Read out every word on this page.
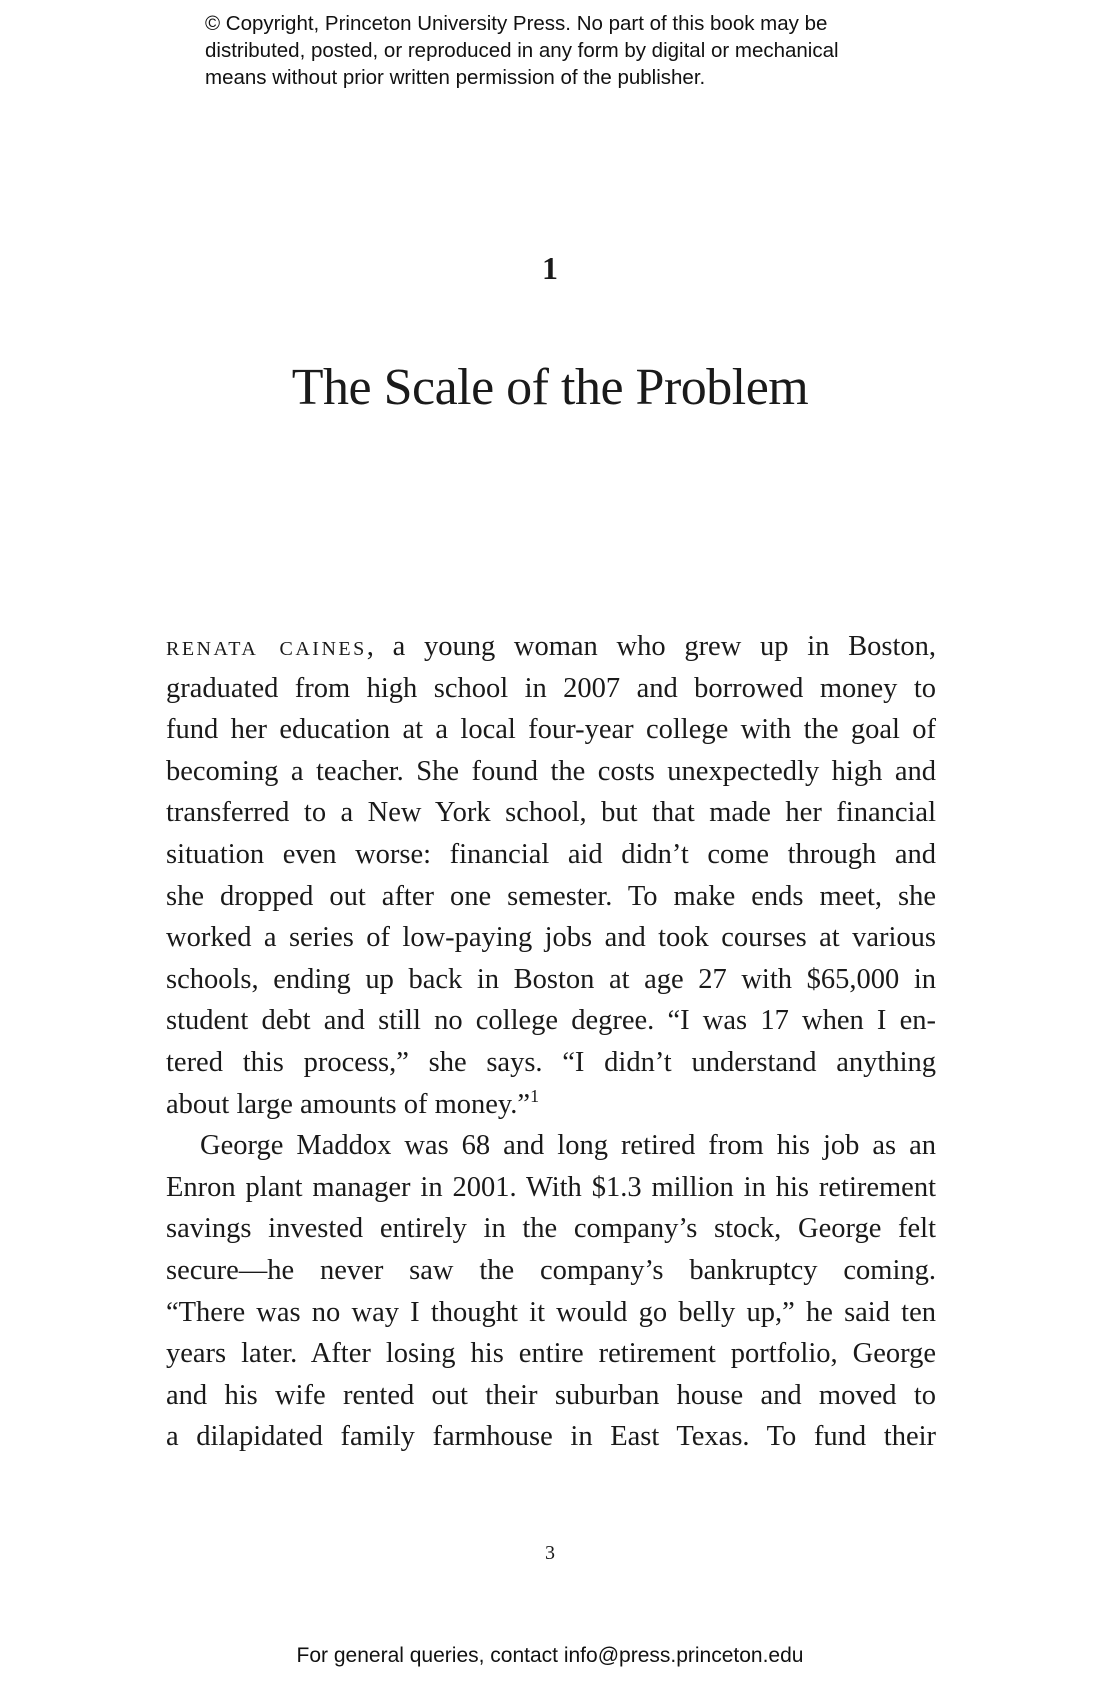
© Copyright, Princeton University Press. No part of this book may be
distributed, posted, or reproduced in any form by digital or mechanical
means without prior written permission of the publisher.
1
The Scale of the Problem
renata caines, a young woman who grew up in Boston,
graduated from high school in 2007 and borrowed money to
fund her education at a local four-year college with the goal of
becoming a teacher. She found the costs unexpectedly high and
transferred to a New York school, but that made her financial
situation even worse: financial aid didn’t come through and
she dropped out after one semester. To make ends meet, she
worked a series of low-paying jobs and took courses at various
schools, ending up back in Boston at age 27 with $65,000 in
student debt and still no college degree. “I was 17 when I en-
tered this process,” she says. “I didn’t understand anything
about large amounts of money.”$^1$
George Maddox was 68 and long retired from his job as an
Enron plant manager in 2001. With $1.3 million in his retirement
savings invested entirely in the company’s stock, George felt
secure—he never saw the company’s bankruptcy coming.
“There was no way I thought it would go belly up,” he said ten
years later. After losing his entire retirement portfolio, George
and his wife rented out their suburban house and moved to
a dilapidated family farmhouse in East Texas. To fund their
3
For general queries, contact info@press.princeton.edu
